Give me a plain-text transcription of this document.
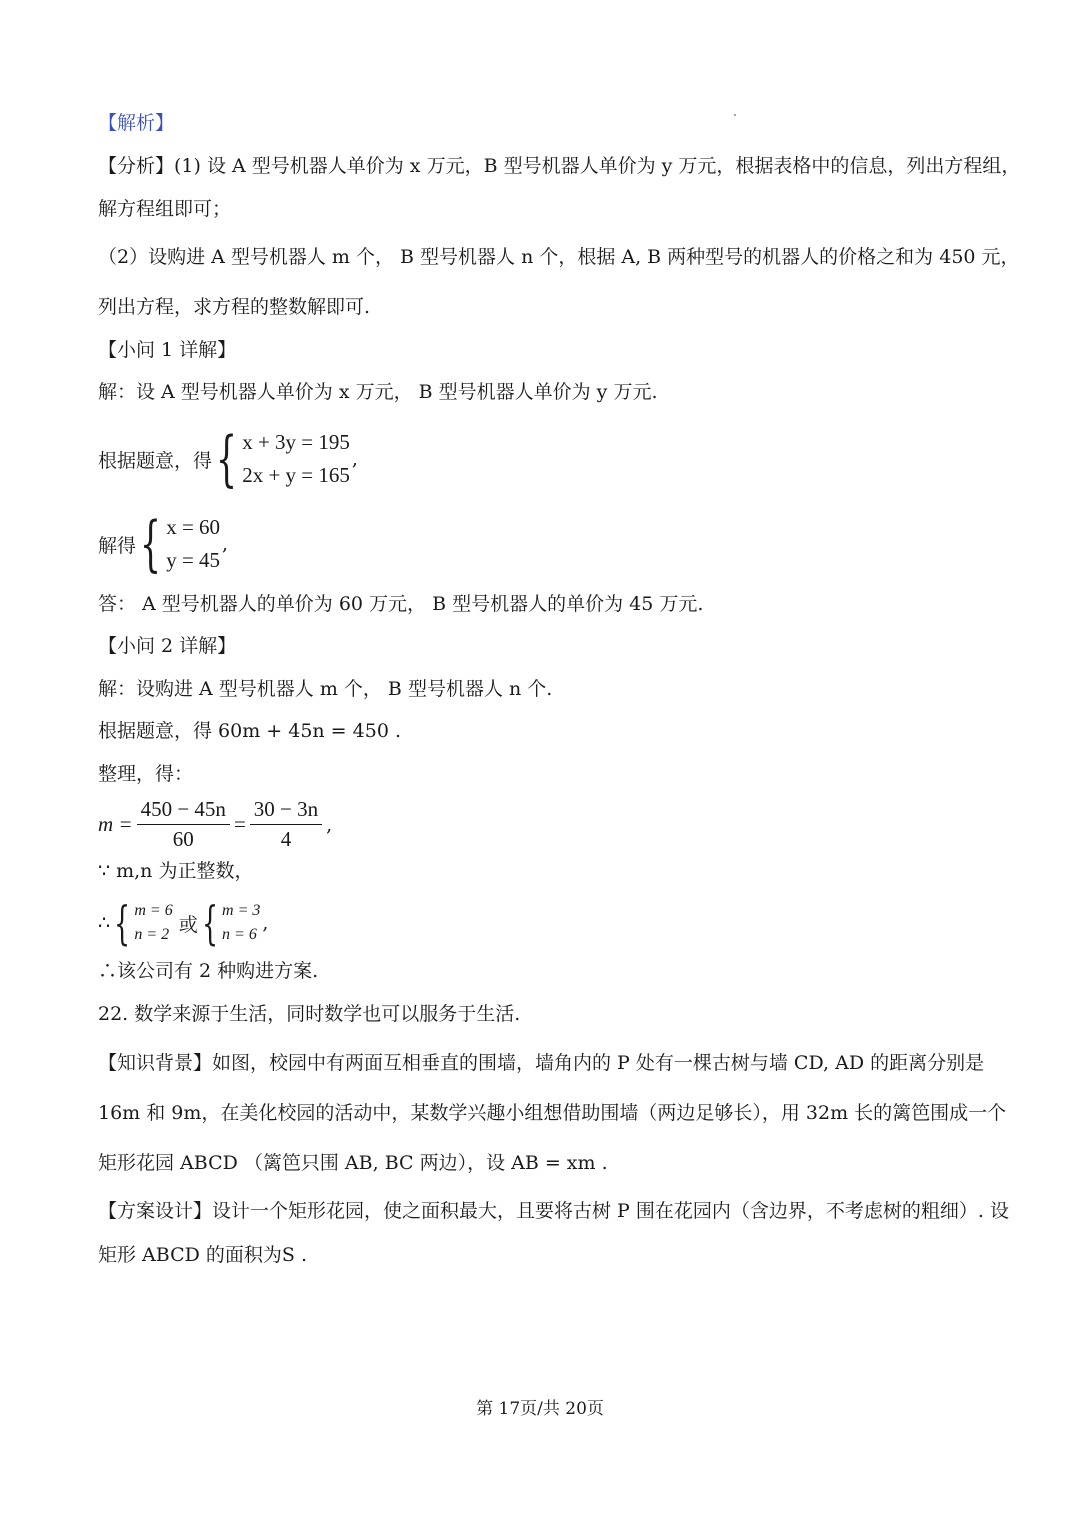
【解析】
【分析】(1) 设 A 型号机器人单价为 x 万元，B 型号机器人单价为 y 万元，根据表格中的信息，列出方程组，
解方程组即可；
（2）设购进 A 型号机器人 m 个， B 型号机器人 n 个，根据 A, B 两种型号的机器人的价格之和为 450 元，
列出方程，求方程的整数解即可.
【小问 1 详解】
解：设 A 型号机器人单价为 x 万元， B 型号机器人单价为 y 万元.
根据题意，得 { x + 3y = 195
2x + y = 165
,
解得 { x = 60
y = 45
,
答： A 型号机器人的单价为 60 万元， B 型号机器人的单价为 45 万元.
【小问 2 详解】
解：设购进 A 型号机器人 m 个， B 型号机器人 n 个.
根据题意，得 60m + 45n = 450 .
整理，得：
$m = \frac{450 - 45n}{60} = \frac{30 - 3n}{4}$ ,
∵ m,n 为正整数，
∴ { m = 6
n = 2 或 { m = 3
n = 6
,
∴该公司有 2 种购进方案.
22. 数学来源于生活，同时数学也可以服务于生活.
【知识背景】如图，校园中有两面互相垂直的围墙，墙角内的 P 处有一棵古树与墙 CD, AD 的距离分别是
16m 和 9m，在美化校园的活动中，某数学兴趣小组想借助围墙（两边足够长），用 32m 长的篱笆围成一个
矩形花园 ABCD （篱笆只围 AB, BC 两边），设 AB = xm .
【方案设计】设计一个矩形花园，使之面积最大，且要将古树 P 围在花园内（含边界，不考虑树的粗细）. 设
矩形 ABCD 的面积为S .
第 17页/共 20页
